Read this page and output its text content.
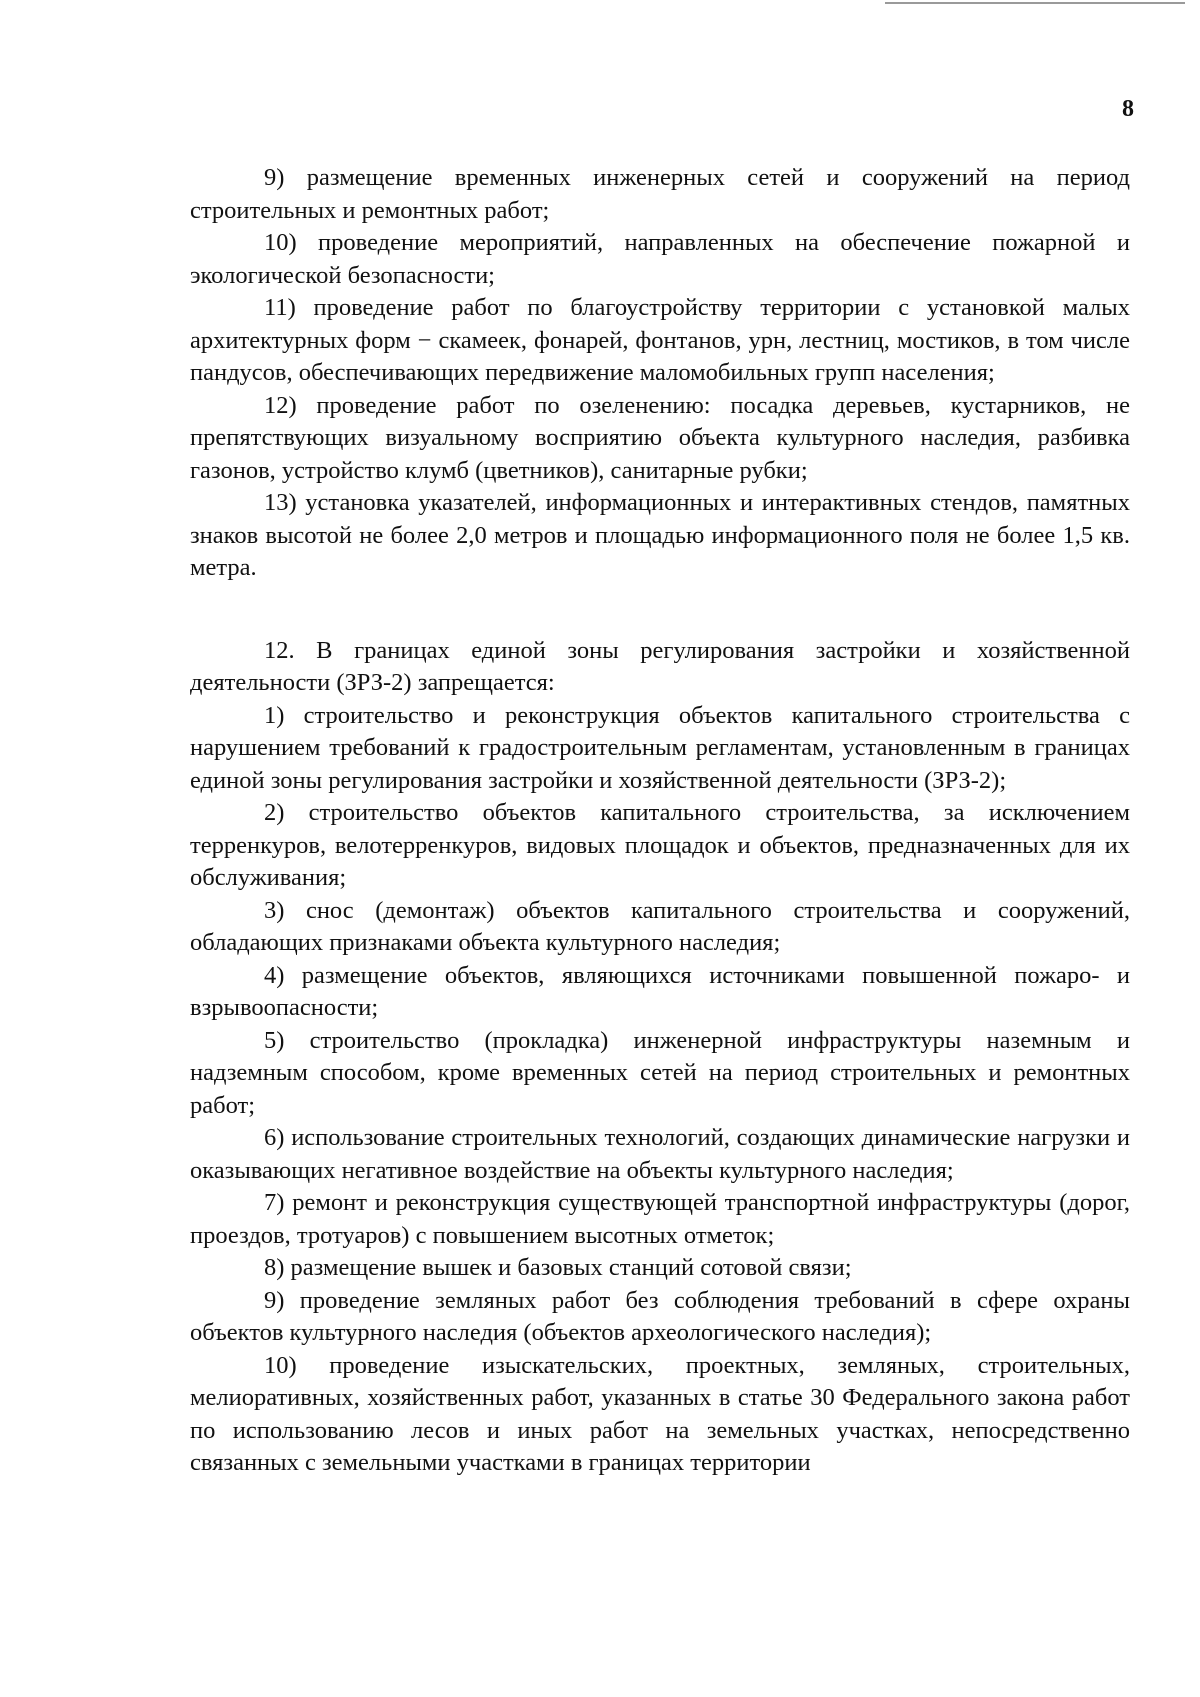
8

9) размещение временных инженерных сетей и сооружений на период строительных и ремонтных работ;

10) проведение мероприятий, направленных на обеспечение пожарной и экологической безопасности;

11) проведение работ по благоустройству территории с установкой малых архитектурных форм − скамеек, фонарей, фонтанов, урн, лестниц, мостиков, в том числе пандусов, обеспечивающих передвижение маломобильных групп населения;

12) проведение работ по озеленению: посадка деревьев, кустарников, не препятствующих визуальному восприятию объекта культурного наследия, разбивка газонов, устройство клумб (цветников), санитарные рубки;

13) установка указателей, информационных и интерактивных стендов, памятных знаков высотой не более 2,0 метров и площадью информационного поля не более 1,5 кв. метра.

12. В границах единой зоны регулирования застройки и хозяйственной деятельности (ЗРЗ-2) запрещается:

1) строительство и реконструкция объектов капитального строительства с нарушением требований к градостроительным регламентам, установленным в границах единой зоны регулирования застройки и хозяйственной деятельности (ЗРЗ-2);

2) строительство объектов капитального строительства, за исключением терренкуров, велотерренкуров, видовых площадок и объектов, предназначенных для их обслуживания;

3) снос (демонтаж) объектов капитального строительства и сооружений, обладающих признаками объекта культурного наследия;

4) размещение объектов, являющихся источниками повышенной пожаро- и взрывоопасности;

5) строительство (прокладка) инженерной инфраструктуры наземным и надземным способом, кроме временных сетей на период строительных и ремонтных работ;

6) использование строительных технологий, создающих динамические нагрузки и оказывающих негативное воздействие на объекты культурного наследия;

7) ремонт и реконструкция существующей транспортной инфраструктуры (дорог, проездов, тротуаров) с повышением высотных отметок;

8) размещение вышек и базовых станций сотовой связи;

9) проведение земляных работ без соблюдения требований в сфере охраны объектов культурного наследия (объектов археологического наследия);

10) проведение изыскательских, проектных, земляных, строительных, мелиоративных, хозяйственных работ, указанных в статье 30 Федерального закона работ по использованию лесов и иных работ на земельных участках, непосредственно связанных с земельными участками в границах территории
